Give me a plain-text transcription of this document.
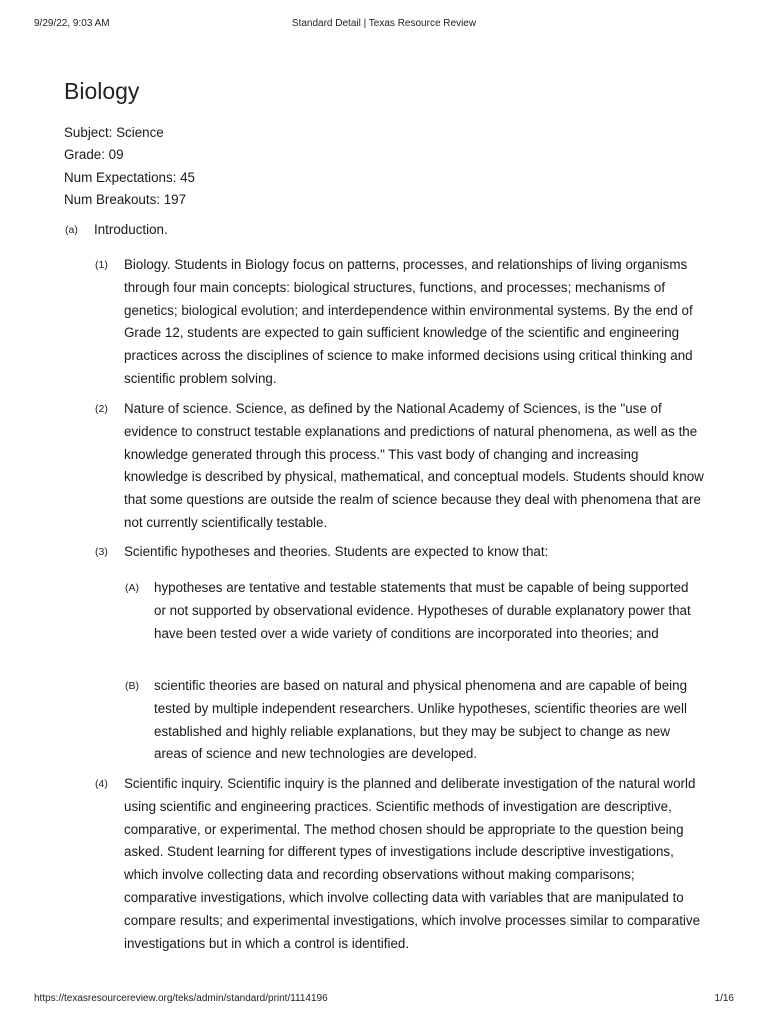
9/29/22, 9:03 AM	Standard Detail | Texas Resource Review
Biology
Subject: Science
Grade: 09
Num Expectations: 45
Num Breakouts: 197
(a) Introduction.
(1) Biology. Students in Biology focus on patterns, processes, and relationships of living organisms through four main concepts: biological structures, functions, and processes; mechanisms of genetics; biological evolution; and interdependence within environmental systems. By the end of Grade 12, students are expected to gain sufficient knowledge of the scientific and engineering practices across the disciplines of science to make informed decisions using critical thinking and scientific problem solving.
(2) Nature of science. Science, as defined by the National Academy of Sciences, is the "use of evidence to construct testable explanations and predictions of natural phenomena, as well as the knowledge generated through this process." This vast body of changing and increasing knowledge is described by physical, mathematical, and conceptual models. Students should know that some questions are outside the realm of science because they deal with phenomena that are not currently scientifically testable.
(3) Scientific hypotheses and theories. Students are expected to know that:
(A) hypotheses are tentative and testable statements that must be capable of being supported or not supported by observational evidence. Hypotheses of durable explanatory power that have been tested over a wide variety of conditions are incorporated into theories; and
(B) scientific theories are based on natural and physical phenomena and are capable of being tested by multiple independent researchers. Unlike hypotheses, scientific theories are well established and highly reliable explanations, but they may be subject to change as new areas of science and new technologies are developed.
(4) Scientific inquiry. Scientific inquiry is the planned and deliberate investigation of the natural world using scientific and engineering practices. Scientific methods of investigation are descriptive, comparative, or experimental. The method chosen should be appropriate to the question being asked. Student learning for different types of investigations include descriptive investigations, which involve collecting data and recording observations without making comparisons; comparative investigations, which involve collecting data with variables that are manipulated to compare results; and experimental investigations, which involve processes similar to comparative investigations but in which a control is identified.
https://texasresourcereview.org/teks/admin/standard/print/1114196	1/16
